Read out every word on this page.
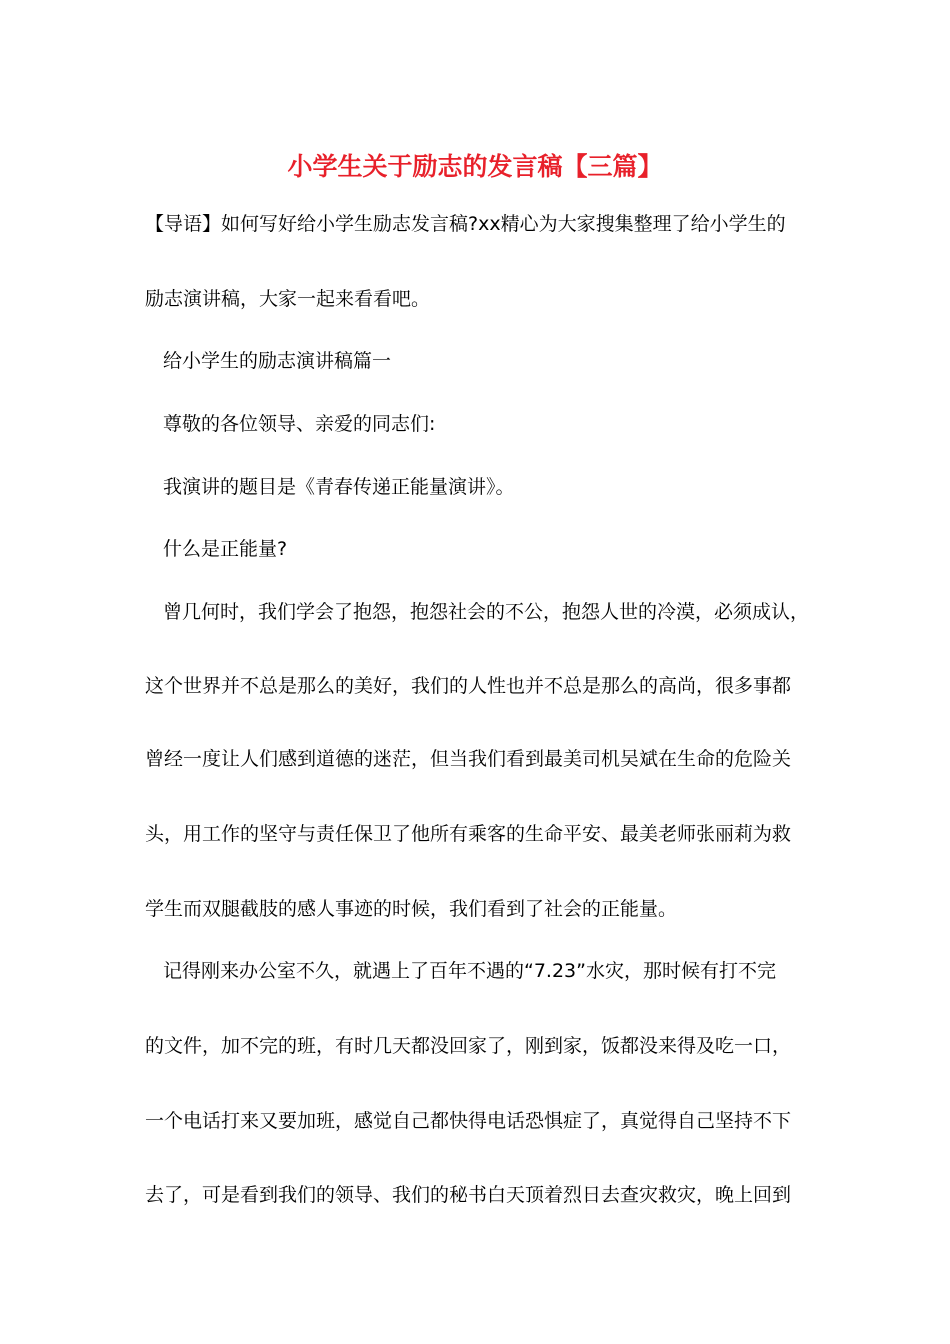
小学生关于励志的发言稿【三篇】
【导语】如何写好给小学生励志发言稿?xx精心为大家搜集整理了给小学生的
励志演讲稿，大家一起来看看吧。
给小学生的励志演讲稿篇一
尊敬的各位领导、亲爱的同志们:
我演讲的题目是《青春传递正能量演讲》。
什么是正能量?
曾几何时，我们学会了抱怨，抱怨社会的不公，抱怨人世的冷漠，必须成认，
这个世界并不总是那么的美好，我们的人性也并不总是那么的高尚，很多事都
曾经一度让人们感到道德的迷茫，但当我们看到最美司机吴斌在生命的危险关
头，用工作的坚守与责任保卫了他所有乘客的生命平安、最美老师张丽莉为救
学生而双腿截肢的感人事迹的时候，我们看到了社会的正能量。
记得刚来办公室不久，就遇上了百年不遇的“7.23”水灾，那时候有打不完
的文件，加不完的班，有时几天都没回家了，刚到家，饭都没来得及吃一口，
一个电话打来又要加班，感觉自己都快得电话恐惧症了，真觉得自己坚持不下
去了，可是看到我们的领导、我们的秘书白天顶着烈日去查灾救灾，晚上回到
